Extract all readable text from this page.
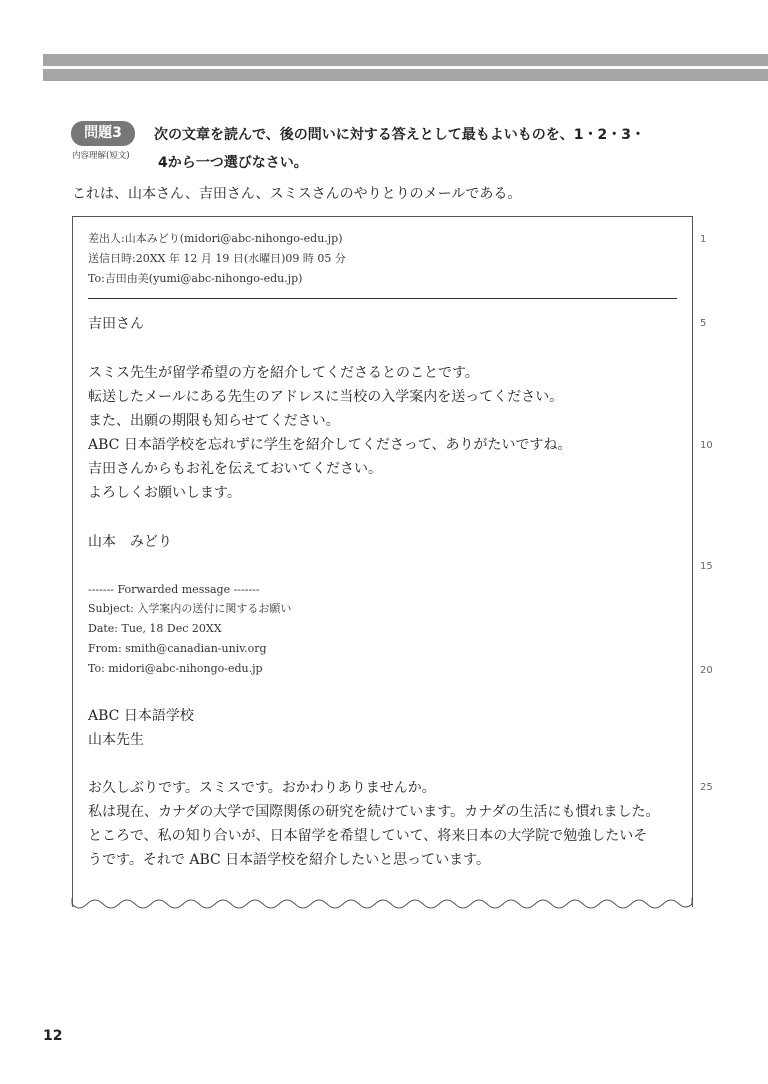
問題3
内容理解(短文)
次の文章を読んで、後の問いに対する答えとして最もよいものを、1・2・3・
4から一つ選びなさい。
これは、山本さん、吉田さん、スミスさんのやりとりのメールである。
差出人:山本みどり(midori@abc-nihongo-edu.jp)
送信日時:20XX 年 12 月 19 日(水曜日)09 時 05 分
To:吉田由美(yumi@abc-nihongo-edu.jp)
吉田さん
スミス先生が留学希望の方を紹介してくださるとのことです。
転送したメールにある先生のアドレスに当校の入学案内を送ってください。
また、出願の期限も知らせてください。
ABC 日本語学校を忘れずに学生を紹介してくださって、ありがたいですね。
吉田さんからもお礼を伝えておいてください。
よろしくお願いします。
山本　みどり
------- Forwarded message -------
Subject: 入学案内の送付に関するお願い
Date: Tue, 18 Dec 20XX
From: smith@canadian-univ.org
To: midori@abc-nihongo-edu.jp
ABC 日本語学校
山本先生
お久しぶりです。スミスです。おかわりありませんか。
私は現在、カナダの大学で国際関係の研究を続けています。カナダの生活にも慣れました。
ところで、私の知り合いが、日本留学を希望していて、将来日本の大学院で勉強したいそ
うです。それで ABC 日本語学校を紹介したいと思っています。
1
5
10
15
20
25
12
